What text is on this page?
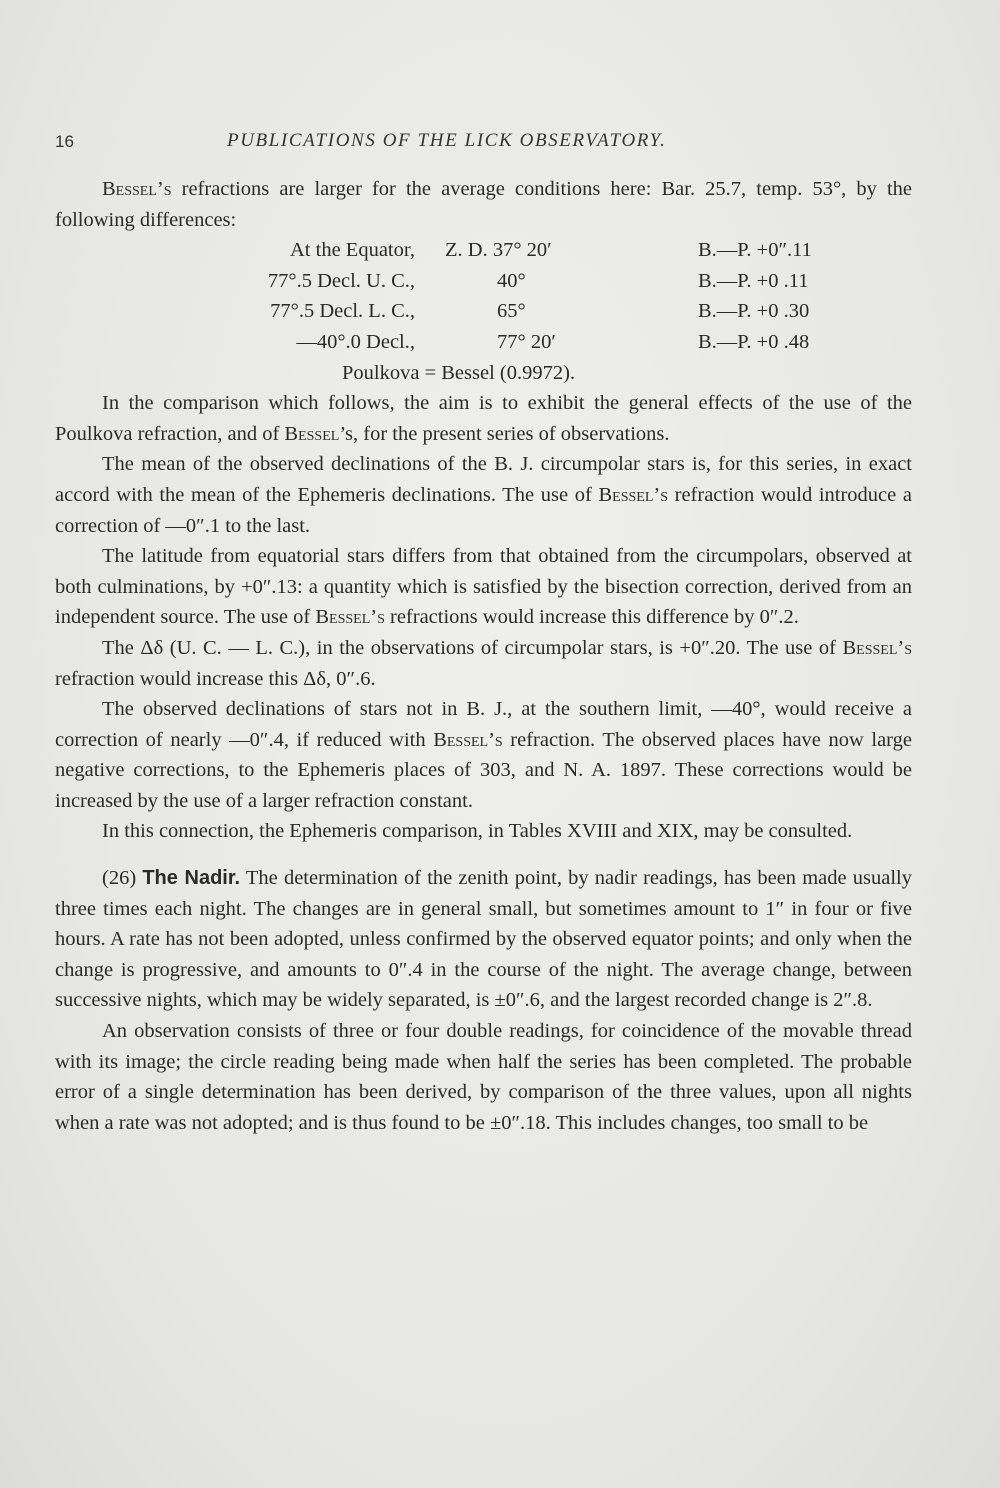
16	PUBLICATIONS OF THE LICK OBSERVATORY.

Bessel’s refractions are larger for the average conditions here: Bar. 25.7, temp. 53°, by the following differences:

At the Equator,	Z. D. 37° 20′	B.—P. +0″.11
77°.5 Decl. U. C.,	40°	B.—P. +0 .11
77°.5 Decl. L. C.,	65°	B.—P. +0 .30
—40°.0 Decl.,	77° 20′	B.—P. +0 .48
Poulkova = Bessel (0.9972).

In the comparison which follows, the aim is to exhibit the general effects of the use of the Poulkova refraction, and of Bessel’s, for the present series of observations.

The mean of the observed declinations of the B. J. circumpolar stars is, for this series, in exact accord with the mean of the Ephemeris declinations. The use of Bessel’s refraction would introduce a correction of —0″.1 to the last.

The latitude from equatorial stars differs from that obtained from the circumpolars, observed at both culminations, by +0″.13: a quantity which is satisfied by the bisection correction, derived from an independent source. The use of Bessel’s refractions would increase this difference by 0″.2.

The Δδ (U. C. — L. C.), in the observations of circumpolar stars, is +0″.20. The use of Bessel’s refraction would increase this Δδ, 0″.6.

The observed declinations of stars not in B. J., at the southern limit, —40°, would receive a correction of nearly —0″.4, if reduced with Bessel’s refraction. The observed places have now large negative corrections, to the Ephemeris places of 303, and N. A. 1897. These corrections would be increased by the use of a larger refraction constant.

In this connection, the Ephemeris comparison, in Tables XVIII and XIX, may be consulted.

(26) The Nadir. The determination of the zenith point, by nadir readings, has been made usually three times each night. The changes are in general small, but sometimes amount to 1″ in four or five hours. A rate has not been adopted, unless confirmed by the observed equator points; and only when the change is progressive, and amounts to 0″.4 in the course of the night. The average change, between successive nights, which may be widely separated, is ±0″.6, and the largest recorded change is 2″.8.

An observation consists of three or four double readings, for coincidence of the movable thread with its image; the circle reading being made when half the series has been completed. The probable error of a single determination has been derived, by comparison of the three values, upon all nights when a rate was not adopted; and is thus found to be ±0″.18. This includes changes, too small to be
